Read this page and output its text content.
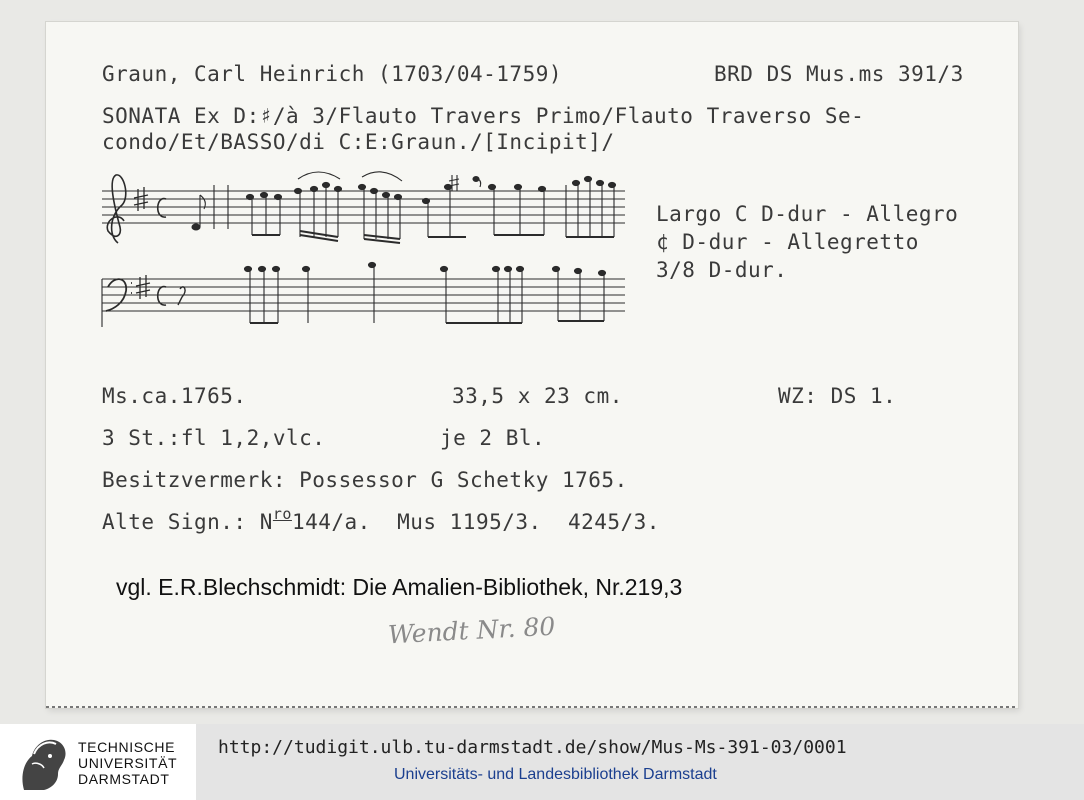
Graun, Carl Heinrich (1703/04-1759)	BRD DS Mus.ms 391/3

SONATA Ex D:♯/à 3/Flauto Travers Primo/Flauto Traverso Se-

condo/Et/BASSO/di C:E:Graun./[Incipit]/

Largo C D-dur - Allegro

¢ D-dur - Allegretto

3/8 D-dur.

Ms.ca.1765.	33,5 x 23 cm.	WZ: DS 1.

3 St.:fl 1,2,vlc.	je 2 Bl.

Besitzvermerk: Possessor G Schetky 1765.

Alte Sign.: $N^{ro}144/a$.  Mus 1195/3.  4245/3.

vgl. E.R.Blechschmidt: Die Amalien-Bibliothek, Nr.219,3

Wendt Nr. 80

TECHNISCHE
UNIVERSITÄT
DARMSTADT
http://tudigit.ulb.tu-darmstadt.de/show/Mus-Ms-391-03/0001
Universitäts- und Landesbibliothek Darmstadt
